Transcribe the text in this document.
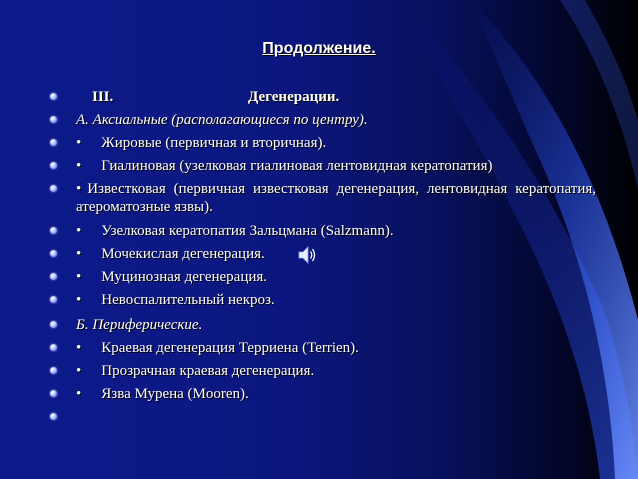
Продолжение.
III.	Дегенерации.
А. Аксиальные (располагающиеся по центру).
• Жировые (первичная и вторичная).
• Гиалиновая (узелковая гиалиновая лентовидная кератопатия)
• Известковая (первичная известковая дегенерация, лентовидная кератопатия, атероматозные язвы).
• Узелковая кератопатия Зальцмана (Salzmann).
• Мочекислая дегенерация.
• Муцинозная дегенерация.
• Невоспалительный некроз.
Б. Периферические.
• Краевая дегенерация Терриена (Terrien).
• Прозрачная краевая дегенерация.
• Язва Мурена (Mooren).
